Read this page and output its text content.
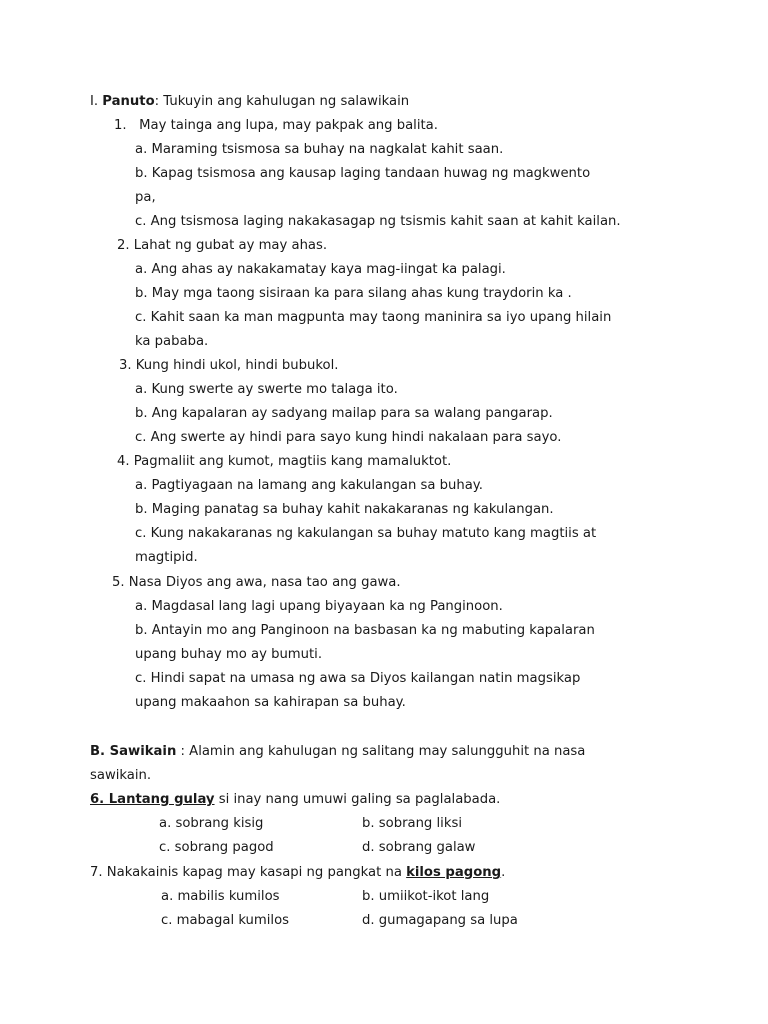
I. Panuto: Tukuyin ang kahulugan ng salawikain
1. May tainga ang lupa, may pakpak ang balita.
a. Maraming tsismosa sa buhay na nagkalat kahit saan.
b. Kapag tsismosa ang kausap laging tandaan huwag ng magkwento
pa,
c. Ang tsismosa laging nakakasagap ng tsismis kahit saan at kahit kailan.
2. Lahat ng gubat ay may ahas.
a. Ang ahas ay nakakamatay kaya mag-iingat ka palagi.
b. May mga taong sisiraan ka para silang ahas kung traydorin ka .
c. Kahit saan ka man magpunta may taong maninira sa iyo upang hilain
ka pababa.
3. Kung hindi ukol, hindi bubukol.
a. Kung swerte ay swerte mo talaga ito.
b. Ang kapalaran ay sadyang mailap para sa walang pangarap.
c. Ang swerte ay hindi para sayo kung hindi nakalaan para sayo.
4. Pagmaliit ang kumot, magtiis kang mamaluktot.
a. Pagtiyagaan na lamang ang kakulangan sa buhay.
b. Maging panatag sa buhay kahit nakakaranas ng kakulangan.
c. Kung nakakaranas ng kakulangan sa buhay matuto kang magtiis at
magtipid.
5. Nasa Diyos ang awa, nasa tao ang gawa.
a. Magdasal lang lagi upang biyayaan ka ng Panginoon.
b. Antayin mo ang Panginoon na basbasan ka ng mabuting kapalaran
upang buhay mo ay bumuti.
c. Hindi sapat na umasa ng awa sa Diyos kailangan natin magsikap
upang makaahon sa kahirapan sa buhay.
B. Sawikain : Alamin ang kahulugan ng salitang may salungguhit na nasa
sawikain.
6. Lantang gulay si inay nang umuwi galing sa paglalabada.
a. sobrang kisig	b. sobrang liksi
c. sobrang pagod	d. sobrang galaw
7. Nakakainis kapag may kasapi ng pangkat na kilos pagong.
a. mabilis kumilos	b. umiikot-ikot lang
c. mabagal kumilos	d. gumagapang sa lupa
